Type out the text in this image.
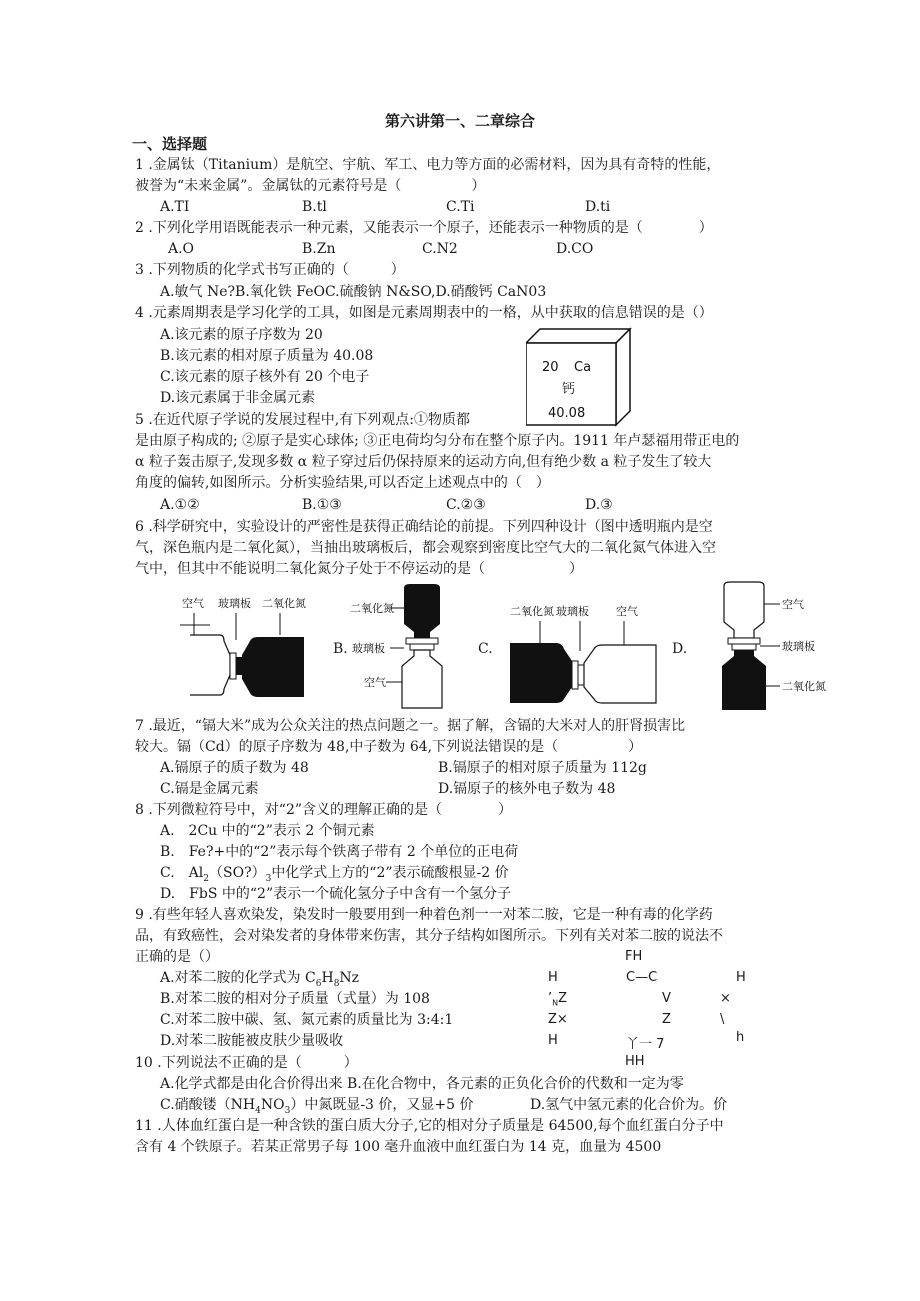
第六讲第一、二章综合
一、选择题
1 .金属钛（Titanium）是航空、宇航、军工、电力等方面的必需材料，因为具有奇特的性能，
被誉为“未来金属”。金属钛的元素符号是（　　　　　）
A.TI	B.tl	C.Ti	D.ti
2 .下列化学用语既能表示一种元素，又能表示一个原子，还能表示一种物质的是（　　　　）
A.O	B.Zn	C.N2	D.CO
3 .下列物质的化学式书写正确的（　　　）
A.敏气 Ne?B.氧化铁 FeOC.硫酸钠 N&SO,D.硝酸钙 CaN03
4 .元素周期表是学习化学的工具，如图是元素周期表中的一格，从中获取的信息错误的是（）
A.该元素的原子序数为 20
B.该元素的相对原子质量为 40.08
C.该元素的原子核外有 20 个电子
D.该元素属于非金属元素
20 Ca
钙
40.08
5 .在近代原子学说的发展过程中,有下列观点:①物质都
是由原子构成的; ②原子是实心球体; ③正电荷均匀分布在整个原子内。1911 年卢瑟福用带正电的
α 粒子轰击原子,发现多数 α 粒子穿过后仍保持原来的运动方向,但有绝少数 a 粒子发生了较大
角度的偏转,如图所示。分析实验结果,可以否定上述观点中的（　）
A.①②	B.①③	C.②③	D.③
6 .科学研究中，实验设计的严密性是获得正确结论的前提。下列四种设计（图中透明瓶内是空
气，深色瓶内是二氧化氮），当抽出玻璃板后，都会观察到密度比空气大的二氧化氮气体进入空
气中，但其中不能说明二氧化氮分子处于不停运动的是（　　　　　　）
空气 玻璃板 二氧化氮
B.
二氧化氮
玻璃板
空气
C.
二氧化氮 玻璃板 空气
D.
空气
玻璃板
二氧化氮
7 .最近，“镉大米”成为公众关注的热点问题之一。据了解，含镉的大米对人的肝肾损害比
较大。镉（Cd）的原子序数为 48,中子数为 64,下列说法错误的是（　　　　　）
A.镉原子的质子数为 48	B.镉原子的相对原子质量为 112g
C.镉是金属元素	D.镉原子的核外电子数为 48
8 .下列微粒符号中，对“2”含义的理解正确的是（　　　　）
A.　2Cu 中的“2”表示 2 个铜元素
B.　Fe?+中的“2”表示每个铁离子带有 2 个单位的正电荷
C.　$Al_2(SO?)_3$中化学式上方的“2”表示硫酸根显-2 价
D.　FbS 中的“2”表示一个硫化氢分子中含有一个氢分子
9 .有些年轻人喜欢染发，染发时一般要用到一种着色剂一一对苯二胺，它是一种有毒的化学药
品，有致癌性，会对染发者的身体带来伤害，其分子结构如图所示。下列有关对苯二胺的说法不
正确的是（）
A.对苯二胺的化学式为 $C_6H_8Nz$
B.对苯二胺的相对分子质量（式量）为 108
C.对苯二胺中碳、氢、氮元素的质量比为 3:4:1
D.对苯二胺能被皮肤少量吸收
FH
H	C—C	H
$’_NZ$	V	×
Z×	Z	\
H	丫一 7	h
HH
10 .下列说法不正确的是（　　　）
A.化学式都是由化合价得出来 B.在化合物中，各元素的正负化合价的代数和一定为零
C.硝酸镂$(NH_4NO_3)$中氮既显-3 价，又显+5 价	D.氢气中氢元素的化合价为。价
11 .人体血红蛋白是一种含铁的蛋白质大分子,它的相对分子质量是 64500,每个血红蛋白分子中
含有 4 个铁原子。若某正常男子每 100 毫升血液中血红蛋白为 14 克，血量为 4500
